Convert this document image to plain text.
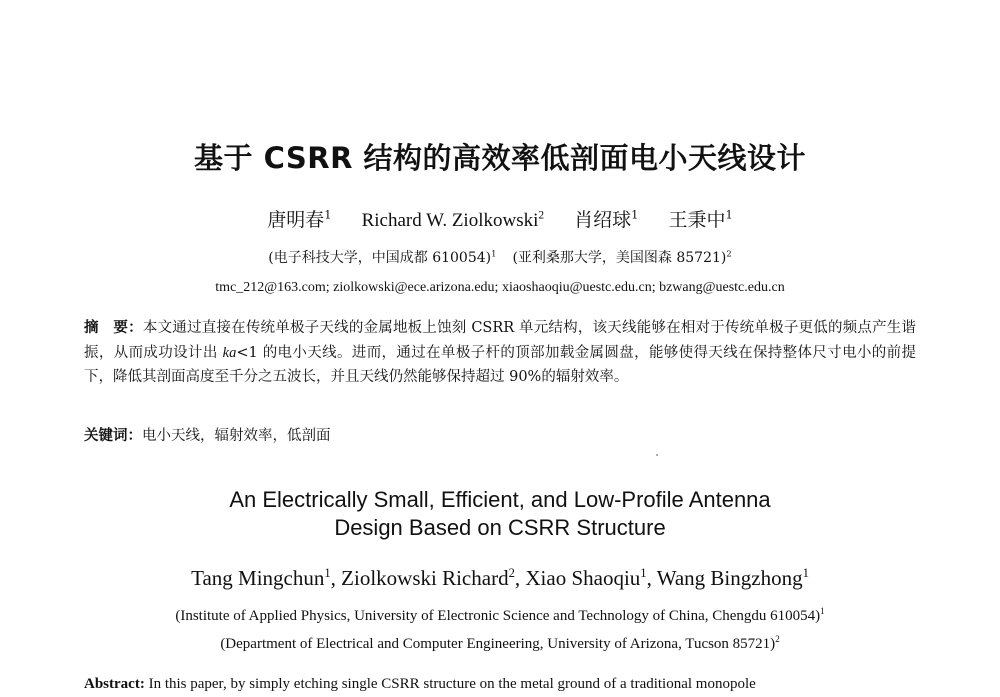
基于 CSRR 结构的高效率低剖面电小天线设计
唐明春$^1$ Richard W. Ziolkowski$^2$ 肖绍球$^1$ 王秉中$^1$
(电子科技大学，中国成都 610054)$^1$ (亚利桑那大学，美国图森 85721)$^2$
tmc_212@163.com; ziolkowski@ece.arizona.edu; xiaoshaoqiu@uestc.edu.cn; bzwang@uestc.edu.cn
摘　要：本文通过直接在传统单极子天线的金属地板上蚀刻 CSRR 单元结构，该天线能够在相对于传统单极子更低的频点产生谐振，从而成功设计出 ka<1 的电小天线。进而，通过在单极子杆的顶部加载金属圆盘，能够使得天线在保持整体尺寸电小的前提下，降低其剖面高度至千分之五波长，并且天线仍然能够保持超过 90%的辐射效率。
关键词：电小天线，辐射效率，低剖面
An Electrically Small, Efficient, and Low-Profile Antenna
Design Based on CSRR Structure
Tang Mingchun$^1$, Ziolkowski Richard$^2$, Xiao Shaoqiu$^1$, Wang Bingzhong$^1$
(Institute of Applied Physics, University of Electronic Science and Technology of China, Chengdu 610054)$^1$
(Department of Electrical and Computer Engineering, University of Arizona, Tucson 85721)$^2$
Abstract: In this paper, by simply etching single CSRR structure on the metal ground of a traditional monopole
